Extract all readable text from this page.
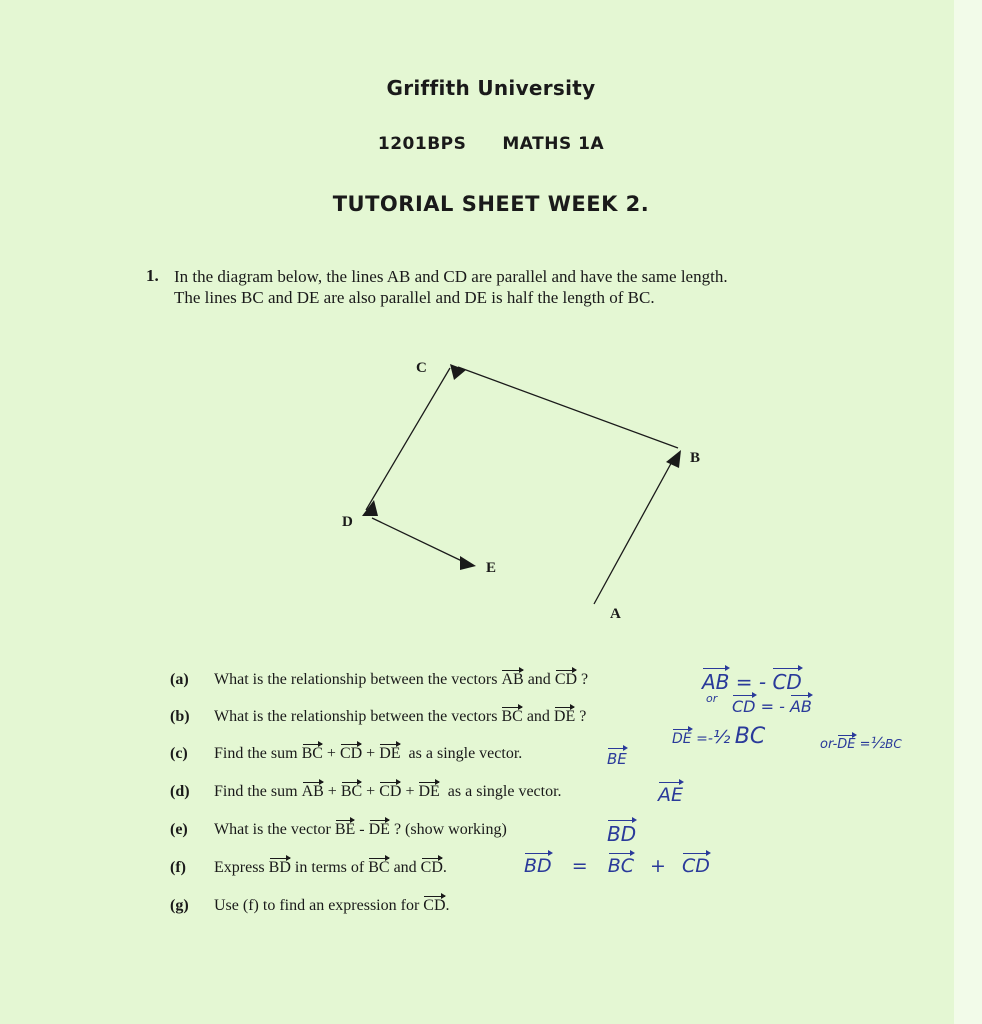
Griffith University
1201BPS MATHS 1A
TUTORIAL SHEET WEEK 2.
1. In the diagram below, the lines AB and CD are parallel and have the same length.
The lines BC and DE are also parallel and DE is half the length of BC.
C
B
D
E
A
(a) What is the relationship between the vectors AB and CD ?
(b) What is the relationship between the vectors BC and DE ?
(c) Find the sum BC + CD + DE as a single vector.
(d) Find the sum AB + BC + CD + DE as a single vector.
(e) What is the vector BE - DE ? (show working)
(f) Express BD in terms of BC and CD.
(g) Use (f) to find an expression for CD.
AB = - CD
or CD = - AB
DE =-½ BC	or-DE =½BC
BE
AE
BD
BD = BC + CD
